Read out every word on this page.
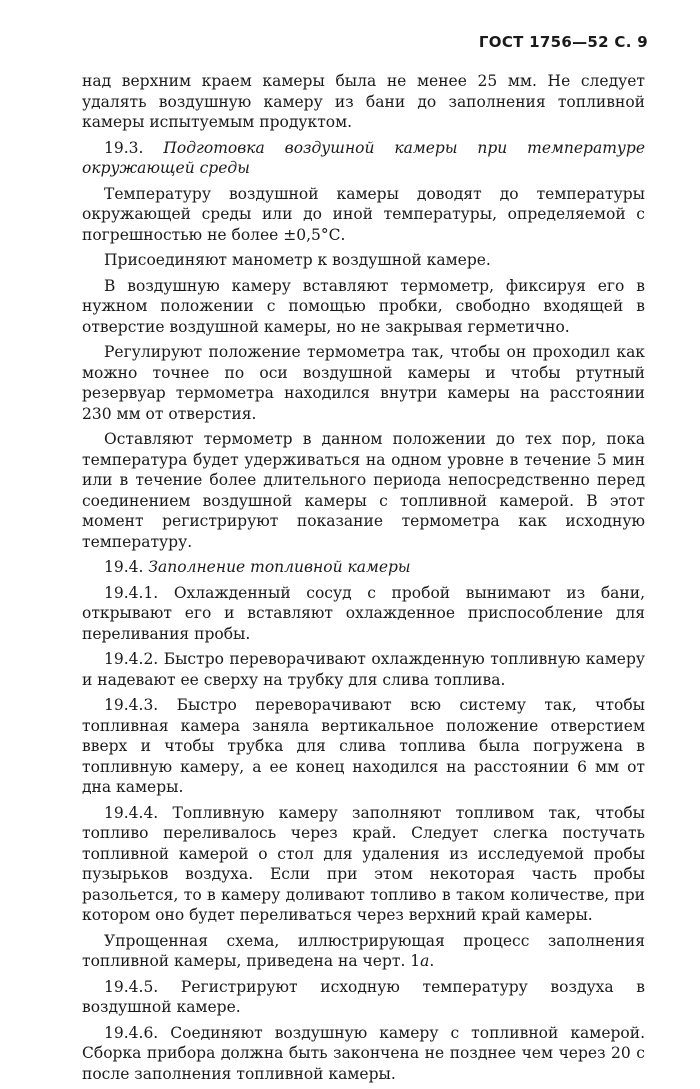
ГОСТ 1756—52 С. 9

над верхним краем камеры была не менее 25 мм. Не следует удалять воздушную камеру из бани до заполнения топливной камеры испытуемым продуктом.

19.3. Подготовка воздушной камеры при температуре окружающей среды

Температуру воздушной камеры доводят до температуры окружающей среды или до иной температуры, определяемой с погрешностью не более ±0,5°С.

Присоединяют манометр к воздушной камере.

В воздушную камеру вставляют термометр, фиксируя его в нужном положении с помощью пробки, свободно входящей в отверстие воздушной камеры, но не закрывая герметично.

Регулируют положение термометра так, чтобы он проходил как можно точнее по оси воздушной камеры и чтобы ртутный резервуар термометра находился внутри камеры на расстоянии 230 мм от отверстия.

Оставляют термометр в данном положении до тех пор, пока температура будет удерживаться на одном уровне в течение 5 мин или в течение более длительного периода непосредственно перед соединением воздушной камеры с топливной камерой. В этот момент регистрируют показание термометра как исходную температуру.

19.4. Заполнение топливной камеры

19.4.1. Охлажденный сосуд с пробой вынимают из бани, открывают его и вставляют охлажденное приспособление для переливания пробы.

19.4.2. Быстро переворачивают охлажденную топливную камеру и надевают ее сверху на трубку для слива топлива.

19.4.3. Быстро переворачивают всю систему так, чтобы топливная камера заняла вертикальное положение отверстием вверх и чтобы трубка для слива топлива была погружена в топливную камеру, а ее конец находился на расстоянии 6 мм от дна камеры.

19.4.4. Топливную камеру заполняют топливом так, чтобы топливо переливалось через край. Следует слегка постучать топливной камерой о стол для удаления из исследуемой пробы пузырьков воздуха. Если при этом некоторая часть пробы разольется, то в камеру доливают топливо в таком количестве, при котором оно будет переливаться через верхний край камеры.

Упрощенная схема, иллюстрирующая процесс заполнения топливной камеры, приведена на черт. 1а.

19.4.5. Регистрируют исходную температуру воздуха в воздушной камере.

19.4.6. Соединяют воздушную камеру с топливной камерой. Сборка прибора должна быть закончена не позднее чем через 20 с после заполнения топливной камеры.
